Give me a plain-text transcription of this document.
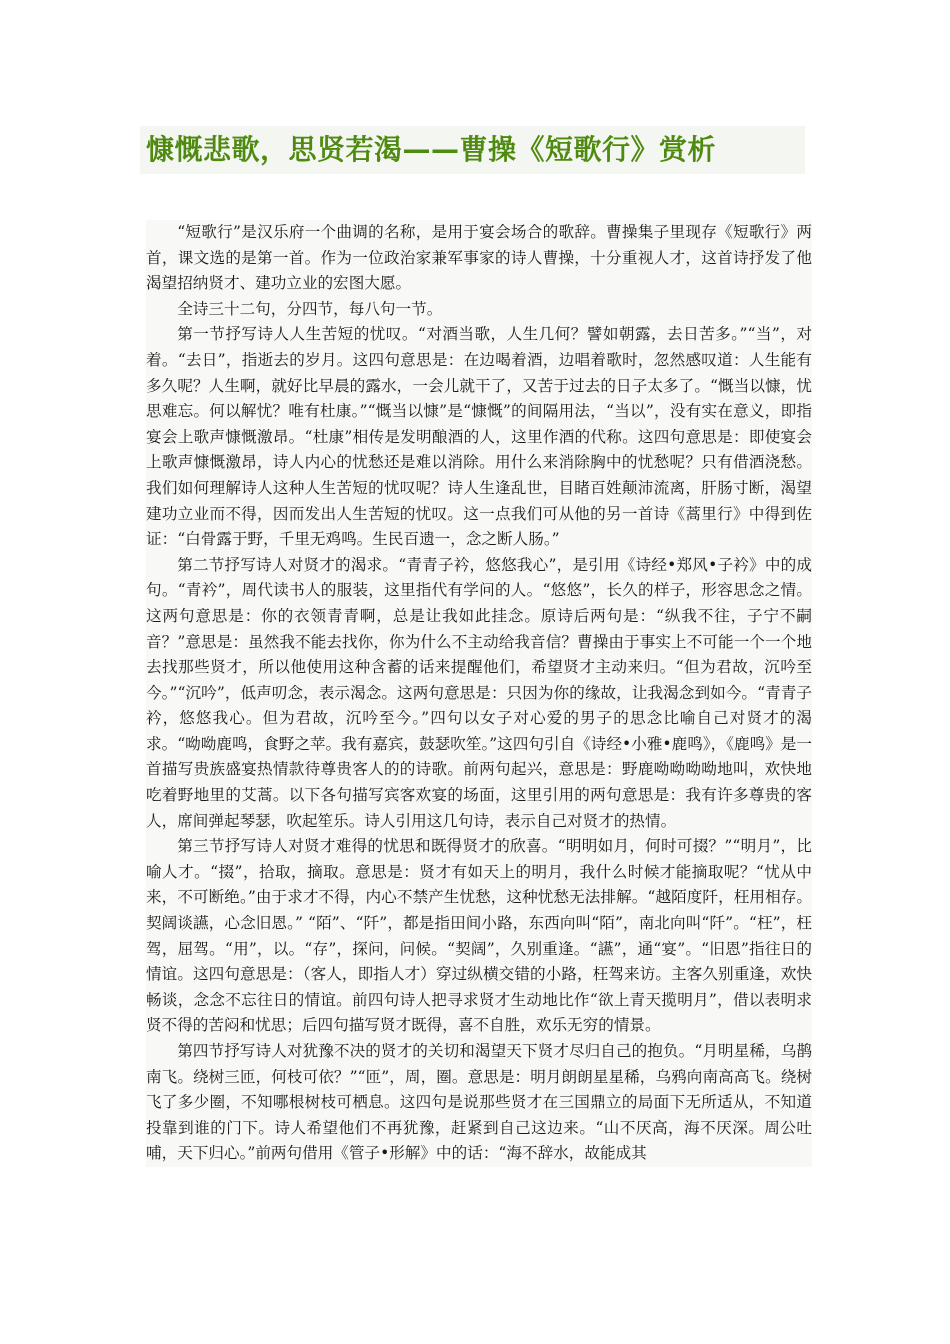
慷慨悲歌，思贤若渴——曹操《短歌行》赏析

“短歌行”是汉乐府一个曲调的名称，是用于宴会场合的歌辞。曹操集子里现存《短歌行》两首，课文选的是第一首。作为一位政治家兼军事家的诗人曹操，十分重视人才，这首诗抒发了他渴望招纳贤才、建功立业的宏图大愿。

全诗三十二句，分四节，每八句一节。

第一节抒写诗人人生苦短的忧叹。“对酒当歌，人生几何？譬如朝露，去日苦多。”“当”，对着。“去日”，指逝去的岁月。这四句意思是：在边喝着酒，边唱着歌时，忽然感叹道：人生能有多久呢？人生啊，就好比早晨的露水，一会儿就干了，又苦于过去的日子太多了。“慨当以慷，忧思难忘。何以解忧？唯有杜康。”“慨当以慷”是“慷慨”的间隔用法，“当以”，没有实在意义，即指宴会上歌声慷慨激昂。“杜康”相传是发明酿酒的人，这里作酒的代称。这四句意思是：即使宴会上歌声慷慨激昂，诗人内心的忧愁还是难以消除。用什么来消除胸中的忧愁呢？只有借酒浇愁。我们如何理解诗人这种人生苦短的忧叹呢？诗人生逢乱世，目睹百姓颠沛流离，肝肠寸断，渴望建功立业而不得，因而发出人生苦短的忧叹。这一点我们可从他的另一首诗《蒿里行》中得到佐证：“白骨露于野，千里无鸡鸣。生民百遗一，念之断人肠。”

第二节抒写诗人对贤才的渴求。“青青子衿，悠悠我心”，是引用《诗经•郑风•子衿》中的成句。“青衿”，周代读书人的服装，这里指代有学问的人。“悠悠”，长久的样子，形容思念之情。这两句意思是：你的衣领青青啊，总是让我如此挂念。原诗后两句是：“纵我不往，子宁不嗣音？”意思是：虽然我不能去找你，你为什么不主动给我音信？曹操由于事实上不可能一个一个地去找那些贤才，所以他使用这种含蓄的话来提醒他们，希望贤才主动来归。“但为君故，沉吟至今。”“沉吟”，低声叨念，表示渴念。这两句意思是：只因为你的缘故，让我渴念到如今。“青青子衿，悠悠我心。但为君故，沉吟至今。”四句以女子对心爱的男子的思念比喻自己对贤才的渴求。“呦呦鹿鸣，食野之苹。我有嘉宾，鼓瑟吹笙。”这四句引自《诗经•小雅•鹿鸣》，《鹿鸣》是一首描写贵族盛宴热情款待尊贵客人的的诗歌。前两句起兴，意思是：野鹿呦呦呦呦地叫，欢快地吃着野地里的艾蒿。以下各句描写宾客欢宴的场面，这里引用的两句意思是：我有许多尊贵的客人，席间弹起琴瑟，吹起笙乐。诗人引用这几句诗，表示自己对贤才的热情。

第三节抒写诗人对贤才难得的忧思和既得贤才的欣喜。“明明如月，何时可掇？”“明月”，比喻人才。“掇”，拾取，摘取。意思是：贤才有如天上的明月，我什么时候才能摘取呢？“忧从中来，不可断绝。”由于求才不得，内心不禁产生忧愁，这种忧愁无法排解。“越陌度阡，枉用相存。契阔谈讌，心念旧恩。” “陌”、“阡”，都是指田间小路，东西向叫“陌”，南北向叫“阡”。“枉”，枉驾，屈驾。“用”，以。“存”，探问，问候。“契阔”，久别重逢。“讌”，通“宴”。“旧恩”指往日的情谊。这四句意思是：（客人，即指人才）穿过纵横交错的小路，枉驾来访。主客久别重逢，欢快畅谈，念念不忘往日的情谊。前四句诗人把寻求贤才生动地比作“欲上青天揽明月”，借以表明求贤不得的苦闷和忧思；后四句描写贤才既得，喜不自胜，欢乐无穷的情景。

第四节抒写诗人对犹豫不决的贤才的关切和渴望天下贤才尽归自己的抱负。“月明星稀，乌鹊南飞。绕树三匝，何枝可依？”“匝”，周，圈。意思是：明月朗朗星星稀，乌鸦向南高高飞。绕树飞了多少圈，不知哪根树枝可栖息。这四句是说那些贤才在三国鼎立的局面下无所适从，不知道投靠到谁的门下。诗人希望他们不再犹豫，赶紧到自己这边来。“山不厌高，海不厌深。周公吐哺，天下归心。”前两句借用《管子•形解》中的话：“海不辞水，故能成其
